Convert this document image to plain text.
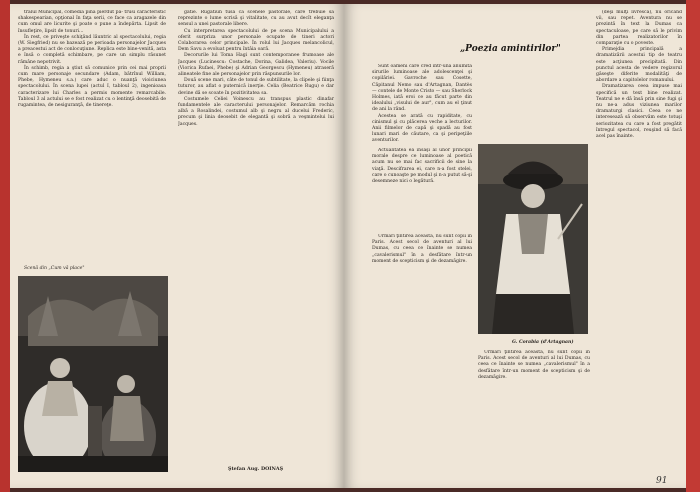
tralul Municipal, comedia pînă pierdut pa- trusi caracteristic shakespearian, opţional în faţa serii, ce face ca aragazele din cum omul are licurite şi poate o pune a îndepărta. Lipsit de însufleţire, lipsit de tonuri...

În rest, ce priveşte schiţând lăuntric al spectacolului, regia (W. Siegfried) nu se bazează pe perioada personajelor Jacques a preacestui act de conlocuţiune. Replica este bine-venită, asta e însă o completă schimbare, pe care un simplu răsunet rămâne nepotrivit.

În schimb, regia a ştiut să comunice prin cei mai proprii cum mare personaje secundare (Adam, bătrînul William, Phebe, Hymeneu s.a.) care aduc o nuanţă vioiciunea spectacolului. În scena lupei (actul I, tabloul 2), ingenioasa caracterizare lui Charles a permis momente remarcabile. Tabloul 3 al actului se e fost realizat cu o lentinţă deosebită de rugamintea, de nesiguranţă, de tinereţe.

Scenă din „Cum vă place"

gatie. Rugatiun tusă că scenele pastorale, care trebuie să reprezinte o lume scrisă şi vitalitate, cu au avut decît eleganţa sensul a unei pastorale libere.

Cu interpretarea spectacolului de pe scena Municipalului a oferit surpriza unor personale ocupate de tineri actori Colaborarea celor principale. În rolul lui Jacques melancolicul, Dem Savu a evoluat pentru întâia oară.

Decorurile lui Toma Hagi sunt contemporanee frumoase ale Jacques (Lucinescu: Costache, Dorina, Galidea, Valeriu). Vocile (Viorica Rufaei, Phebe) şi Adrian Georgescu (Hymeneu) atraseră alineatele fine ale personajelor prin răspunsurile lor.

Două scene mari, câte de tonul de subtilitate, la clipele şi fiinţa tuturor, au aflat o puternică inerţie. Celia (Beatrice Rugu) e dar devine dă se scoate în pozitivitatea sa.

Costumele Celiei Voinescu au transpus plastic dinafar fundamentele ale caracterului personajelor. Remarcăm rochia albă a Rosalindei, costumul alb şi negru al ducelui Frederic, precum şi linia deosebit de elegantă şi sobră a veşmintelui lui Jacques.

Ştefan Aug. DOINAŞ
„Poezia amintirilor"

Sunt oameni care cred într-una anumită sirurile luminoase ale adolescenţei şi copilăriei. Gavroche sau Cosette, Căpitanul Nemo sau d'Artagnan, Dantès — contele de Monte Cristo — sau Sherlock Holmes, iată eroi ce au făcut parte din idealului „visului de aur", cum au el ţinut de ani la rând.

Acestea se arată cu rapiditate, cu cinismul şi cu plăcerea veche a lecturilor. Anii filmelor de capă şi spadă au fost lunari mari de căutare, ca şi peripeţiile aventurilor.

Actualitatea ea însăşi al unor principii morale despre ce luminoase al poetică acum nu se mai fac sacrificii de sine la viaţă. Descifrarea ei, care n-a fost stelei, care o cunoaşte pe modul şi n-a putut să-şi desemneze nici o legătură.

G. Corabia (d'Artagnan)

Urmări ţintirea aceasta, nu sunt copii în Paris. Acest secol de aventuri al lui Dumas, cu ceea ce înainte se numea „cavalerismul" în a desfătare într-un moment de scepticism şi de dezamăgire.

Urmări ţintirea aceasta, nu sunt copii în Paris. Acest secol de aventuri al lui Dumas, cu ceea ce înainte se numea „cavalerismul" în a desfătare într-un moment de scepticism şi de dezamăgire.

(deşi mulţi livrescă), nu oricând vii, sau repet. Aventura nu se prezintă în text la Dumas ca spectaculoase, pe care să le privim din partea realizatorilor în comparaţie cu o poveste.

Primejdia principală a dramatizării acestui tip de teatru este acţiunea precipitată. Din punctul acesta de vedere regizorul găseşte diferite modalităţi de abordare a capitolelor romanului.

Dramatizarea ceea impuse mai specifică un text bine realizat. Teatrul ne e dă însă prin sine fugi şi nu ne-a adus viziunea marilor dramaturgi clasici. Ceea ce ne interesează să observăm este totuşi seriozitatea cu care a fost pregătit întregul spectacol, reuşind să facă acel pas înainte.

91
